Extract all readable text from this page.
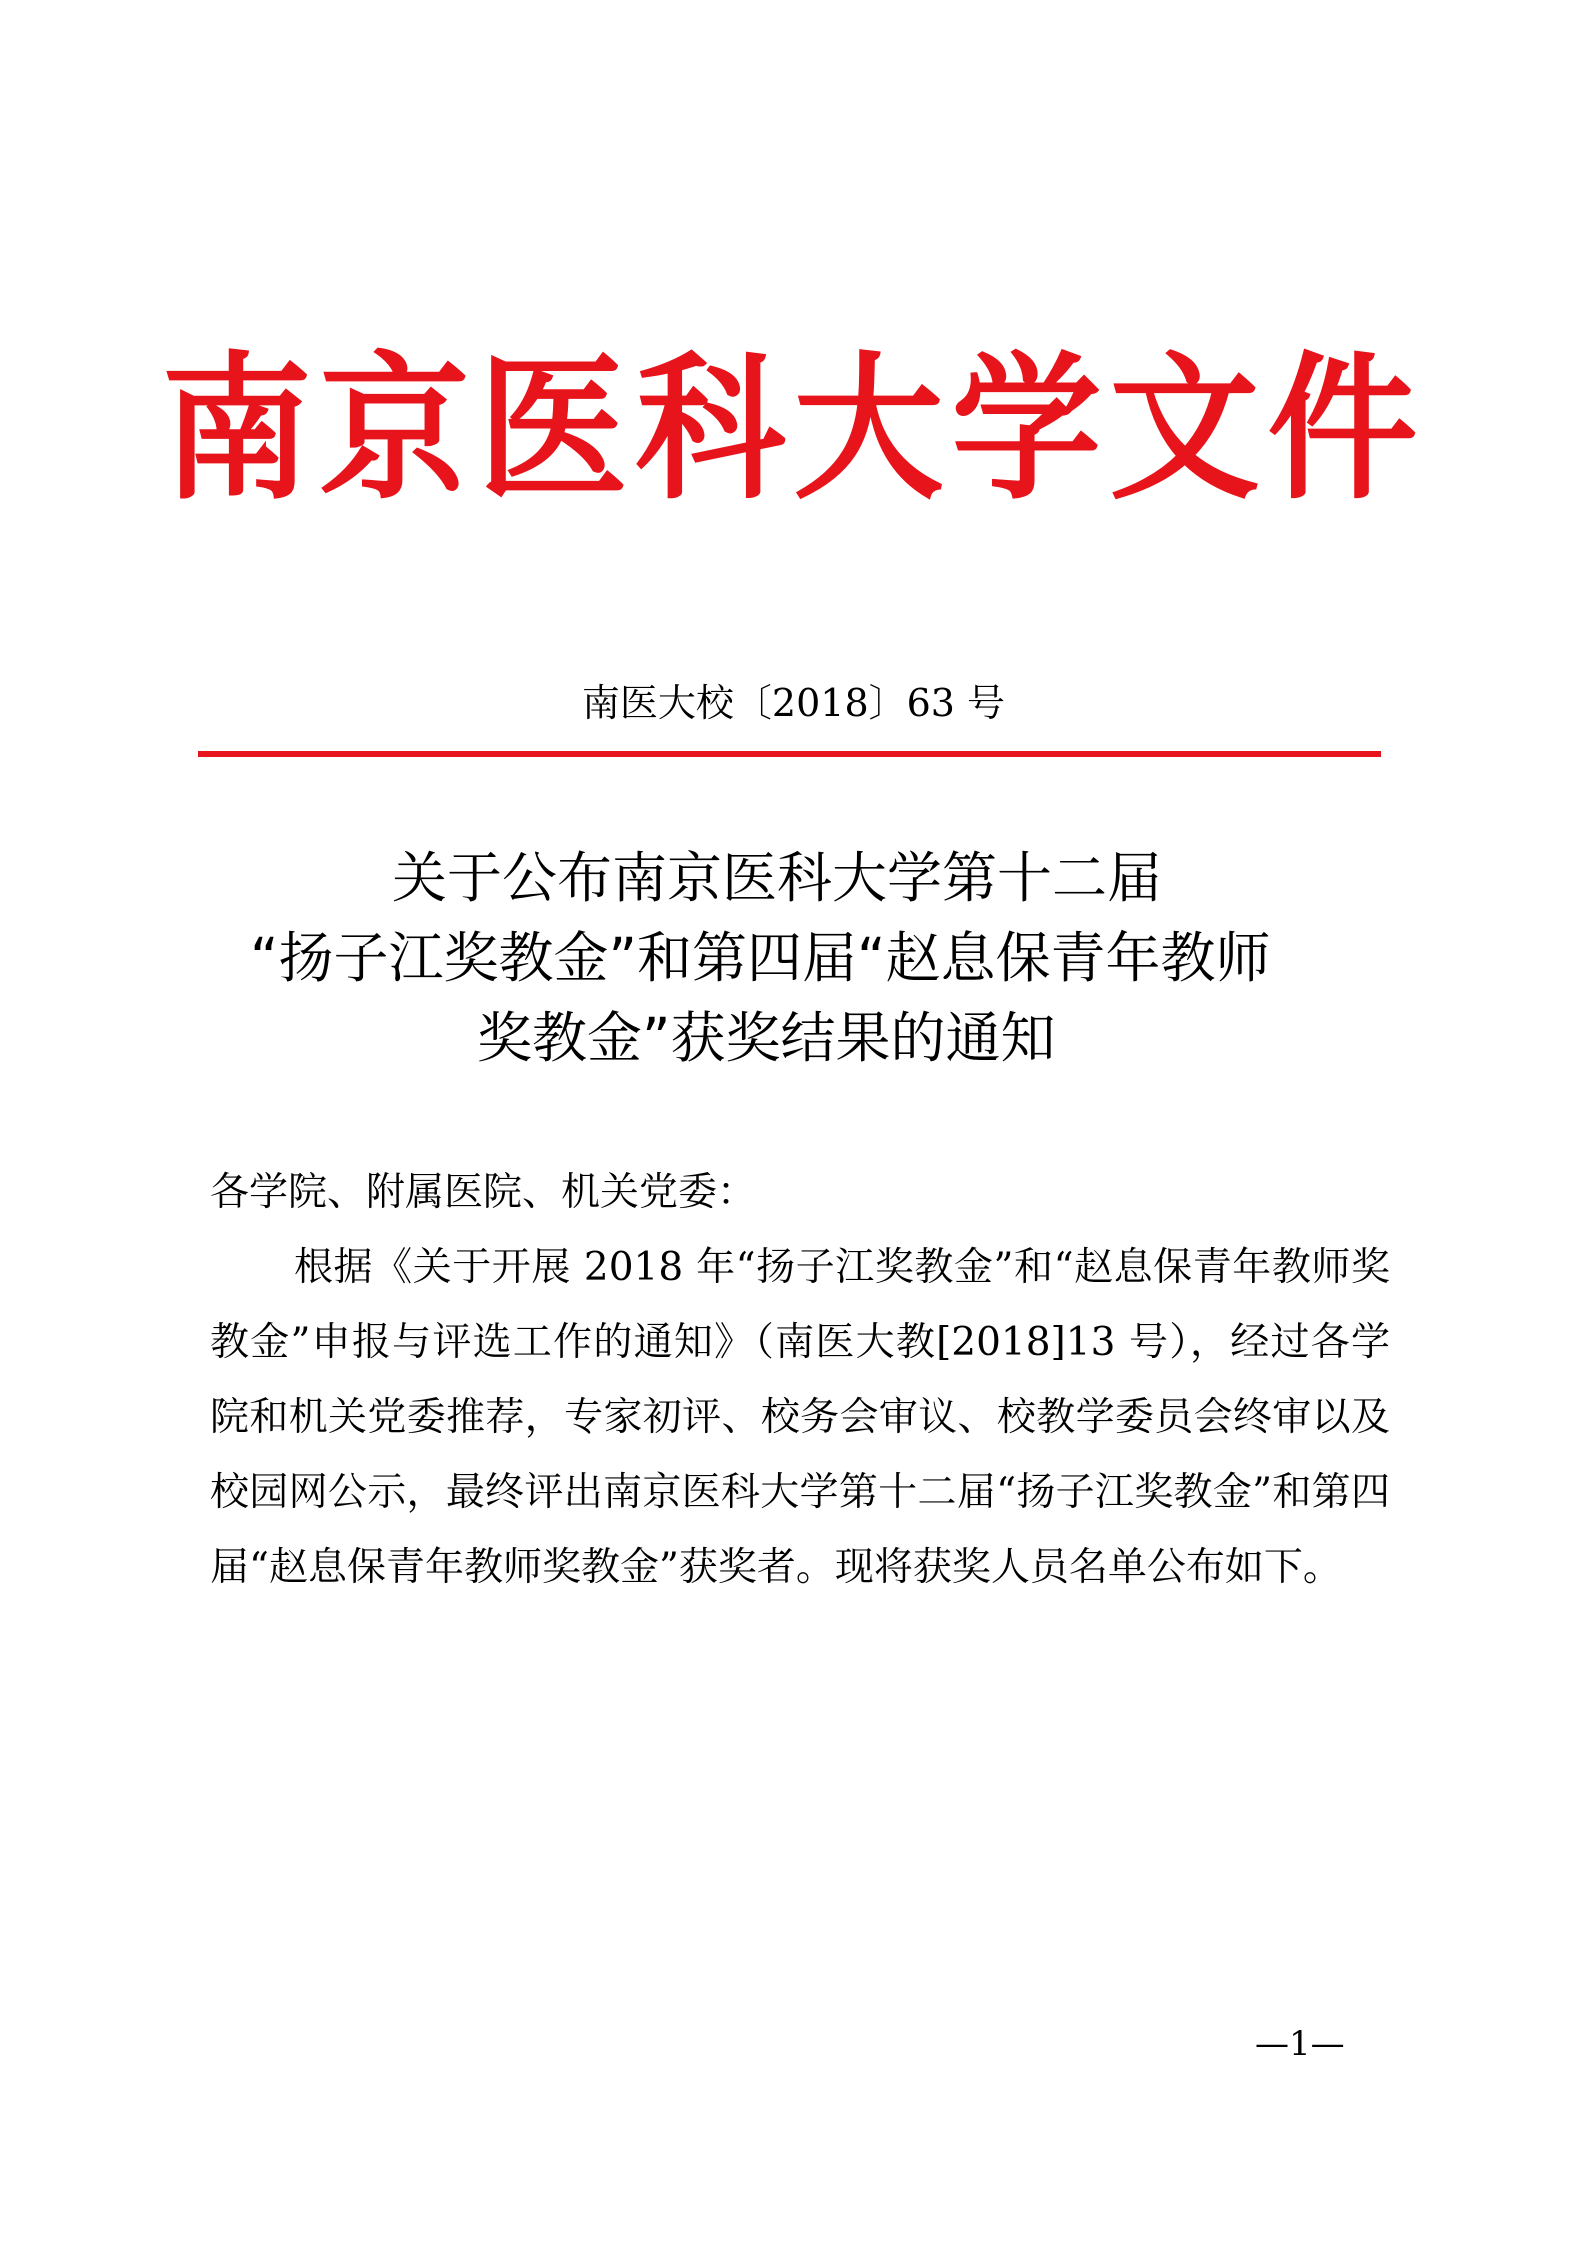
南京医科大学文件
南医大校〔2018〕63 号
关于公布南京医科大学第十二届
“扬子江奖教金”和第四届“赵息保青年教师
奖教金”获奖结果的通知
各学院、附属医院、机关党委：

根据《关于开展 2018 年“扬子江奖教金”和“赵息保青年教师奖教金”申报与评选工作的通知》（南医大教[2018]13 号），经过各学院和机关党委推荐，专家初评、校务会审议、校教学委员会终审以及校园网公示，最终评出南京医科大学第十二届“扬子江奖教金”和第四届“赵息保青年教师奖教金”获奖者。现将获奖人员名单公布如下。

—1—
